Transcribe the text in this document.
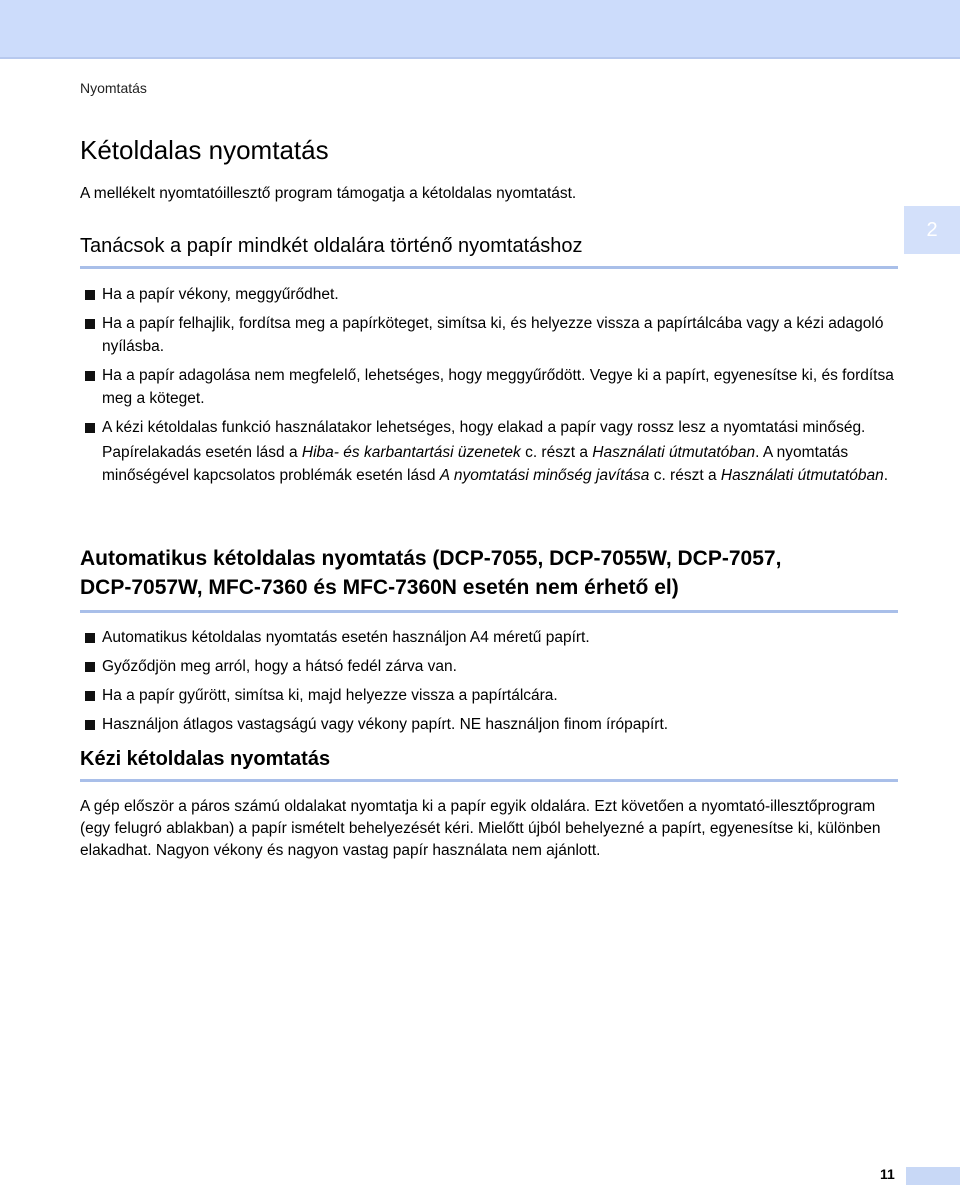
Nyomtatás
2
Kétoldalas nyomtatás
A mellékelt nyomtatóillesztő program támogatja a kétoldalas nyomtatást.
Tanácsok a papír mindkét oldalára történő nyomtatáshoz
Ha a papír vékony, meggyűrődhet.
Ha a papír felhajlik, fordítsa meg a papírköteget, simítsa ki, és helyezze vissza a papírtálcába vagy a kézi adagoló nyílásba.
Ha a papír adagolása nem megfelelő, lehetséges, hogy meggyűrődött. Vegye ki a papírt, egyenesítse ki, és fordítsa meg a köteget.
A kézi kétoldalas funkció használatakor lehetséges, hogy elakad a papír vagy rossz lesz a nyomtatási minőség.
Papírelakadás esetén lásd a Hiba- és karbantartási üzenetek c. részt a Használati útmutatóban. A nyomtatás minőségével kapcsolatos problémák esetén lásd A nyomtatási minőség javítása c. részt a Használati útmutatóban.
Automatikus kétoldalas nyomtatás (DCP-7055, DCP-7055W, DCP-7057,
DCP-7057W, MFC-7360 és MFC-7360N esetén nem érhető el)
Automatikus kétoldalas nyomtatás esetén használjon A4 méretű papírt.
Győződjön meg arról, hogy a hátsó fedél zárva van.
Ha a papír gyűrött, simítsa ki, majd helyezze vissza a papírtálcára.
Használjon átlagos vastagságú vagy vékony papírt. NE használjon finom írópapírt.
Kézi kétoldalas nyomtatás
A gép először a páros számú oldalakat nyomtatja ki a papír egyik oldalára. Ezt követően a nyomtató-illesztőprogram (egy felugró ablakban) a papír ismételt behelyezését kéri. Mielőtt újból behelyezné a papírt, egyenesítse ki, különben elakadhat. Nagyon vékony és nagyon vastag papír használata nem ajánlott.
11
